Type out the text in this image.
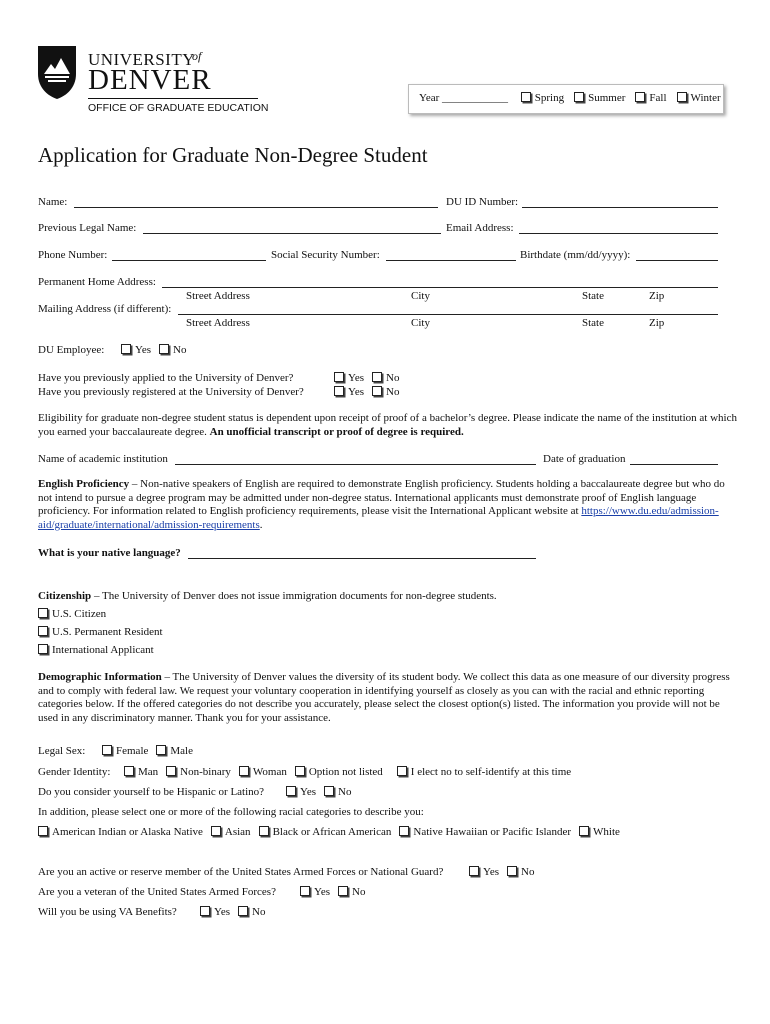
UNIVERSITY
of
DENVER
OFFICE OF GRADUATE EDUCATION
Year ____________ Spring Summer Fall Winter
Application for Graduate Non-Degree Student
Name:	DU ID Number:
Previous Legal Name:	Email Address:
Phone Number:	Social Security Number:	Birthdate (mm/dd/yyyy):
Permanent Home Address:
Street Address	City	State	Zip
Mailing Address (if different):
Street Address	City	State	Zip
DU Employee:	Yes No
Have you previously applied to the University of Denver?	Yes No
Have you previously registered at the University of Denver?	Yes No
Eligibility for graduate non-degree student status is dependent upon receipt of proof of a bachelor’s degree. Please indicate the name of the institution at which you earned your baccalaureate degree. An unofficial transcript or proof of degree is required.
Name of academic institution	Date of graduation
English Proficiency – Non-native speakers of English are required to demonstrate English proficiency. Students holding a baccalaureate degree but who do not intend to pursue a degree program may be admitted under non-degree status. International applicants must demonstrate proof of English language proficiency. For information related to English proficiency requirements, please visit the International Applicant website at https://www.du.edu/admission-aid/graduate/international/admission-requirements.
What is your native language?
Citizenship – The University of Denver does not issue immigration documents for non-degree students.
U.S. Citizen
U.S. Permanent Resident
International Applicant
Demographic Information – The University of Denver values the diversity of its student body. We collect this data as one measure of our diversity progress and to comply with federal law. We request your voluntary cooperation in identifying yourself as closely as you can with the racial and ethnic reporting categories below. If the offered categories do not describe you accurately, please select the closest option(s) listed. The information you provide will not be used in any discriminatory manner. Thank you for your assistance.
Legal Sex:	Female Male
Gender Identity:	Man Non-binary Woman Option not listed	I elect no to self-identify at this time
Do you consider yourself to be Hispanic or Latino?	Yes No
In addition, please select one or more of the following racial categories to describe you:
American Indian or Alaska Native Asian Black or African American Native Hawaiian or Pacific Islander White
Are you an active or reserve member of the United States Armed Forces or National Guard?	Yes No
Are you a veteran of the United States Armed Forces?	Yes No
Will you be using VA Benefits?	Yes No
